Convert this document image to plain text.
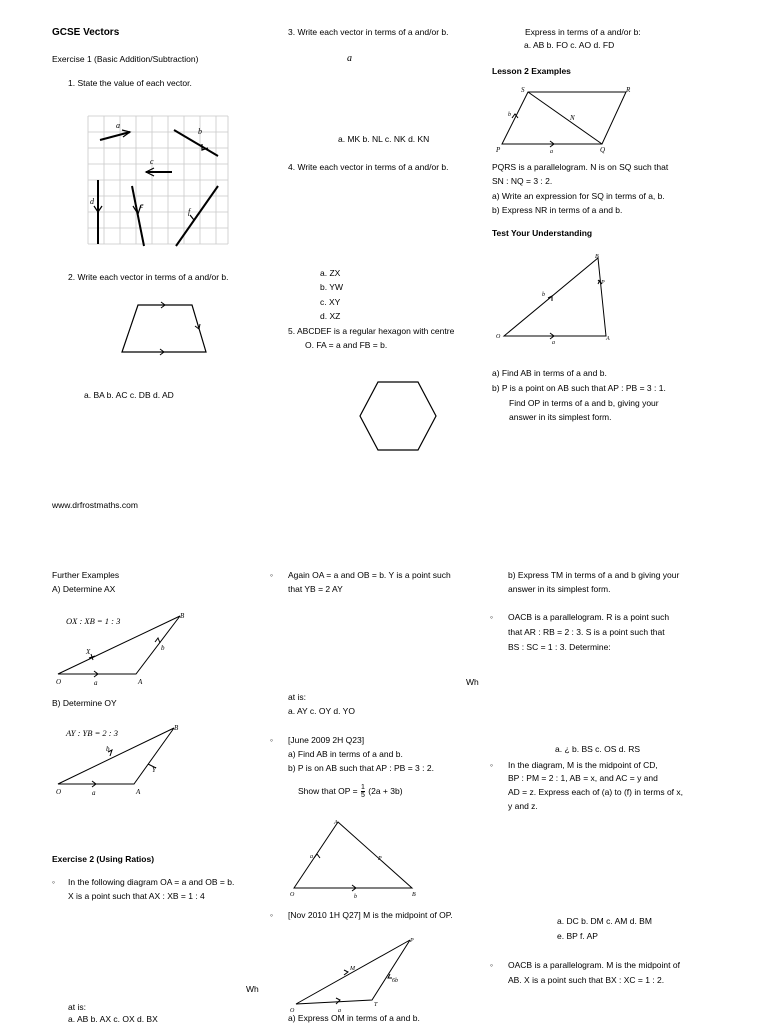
GCSE Vectors
Exercise 1 (Basic Addition/Subtraction)
1. State the value of each vector.
a
b
c
d	e
f
2. Write each vector in terms of a and/or b.
a. BA b. AC c. DB d. AD
3. Write each vector in terms of a and/or b.
a
a. MK b. NL c. NK d. KN
4. Write each vector in terms of a and/or b.
a. ZX
b. YW
c. XY
d. XZ
5. ABCDEF is a regular hexagon with centre
O. FA = a and FB = b.
Express in terms of a and/or b:
a. AB b. FO c. AO d. FD
Lesson 2 Examples
S	R
P	Q
N
a
b
PQRS is a parallelogram. N is on SQ such that
SN : NQ = 3 : 2.
a) Write an expression for SQ in terms of a, b.
b) Express NR in terms of a and b.
Test Your Understanding
B
P
O	A
a
b
a) Find AB in terms of a and b.
b) P is a point on AB such that AP : PB = 3 : 1.
Find OP in terms of a and b, giving your
answer in its simplest form.
www.drfrostmaths.com
Further Examples
A) Determine AX
OX : XB = 1 : 3
O	A
B
X
a
b
B) Determine OY
AY : YB = 2 : 3
O	A
B
Y
a
b
Exercise 2 (Using Ratios)
◦ In the following diagram OA = a and OB = b.
X is a point such that AX : XB = 1 : 4
Wh
at is:
a. AB b. AX c. OX d. BX
◦ Again OA = a and OB = b. Y is a point such
that YB = 2 AY
Wh
at is:
a. AY c. OY d. YO
◦ [June 2009 2H Q23]
a) Find AB in terms of a and b.
b) P is on AB such that AP : PB = 3 : 2.
Show that OP = $\frac{1}{5} (2a + 3b)$
A
P
O	B
a
b
◦ [Nov 2010 1H Q27] M is the midpoint of OP.
P
M
O
T
a
6b
a) Express OM in terms of a and b.
b) Express TM in terms of a and b giving your
answer in its simplest form.
◦ OACB is a parallelogram. R is a point such
that AR : RB = 2 : 3. S is a point such that
BS : SC = 1 : 3. Determine:
a. ¿ b. BS c. OS d. RS
◦ In the diagram, M is the midpoint of CD,
BP : PM = 2 : 1, AB = x, and AC = y and
AD = z. Express each of (a) to (f) in terms of x,
y and z.
a. DC b. DM c. AM d. BM
e. BP f. AP
◦ OACB is a parallelogram. M is the midpoint of
AB. X is a point such that BX : XC = 1 : 2.
